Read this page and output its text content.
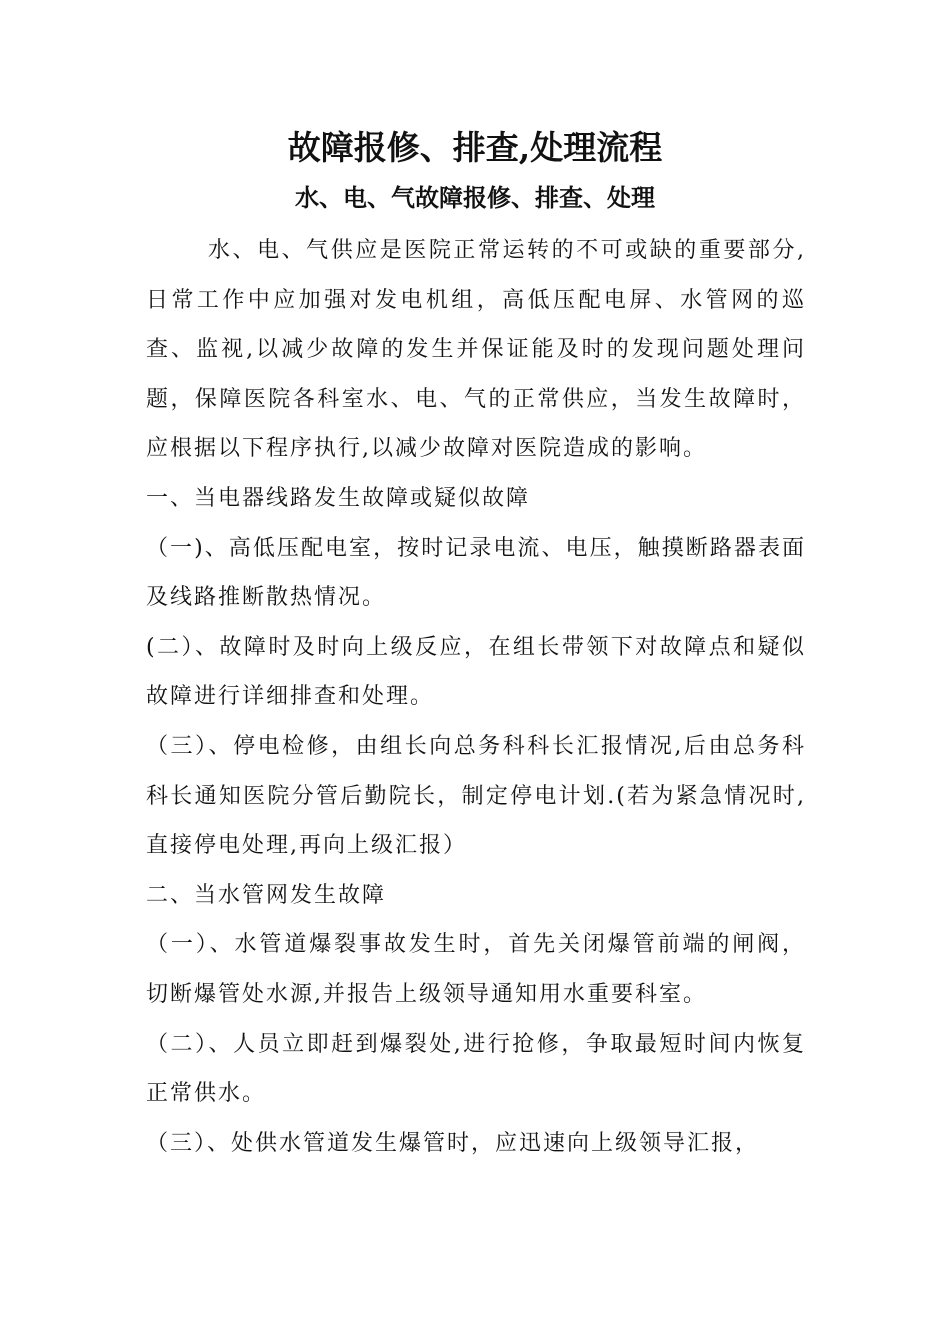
故障报修、排查,处理流程
水、电、气故障报修、排查、处理

水、电、气供应是医院正常运转的不可或缺的重要部分,日常工作中应加强对发电机组，高低压配电屏、水管网的巡查、监视,以减少故障的发生并保证能及时的发现问题处理问题，保障医院各科室水、电、气的正常供应，当发生故障时，应根据以下程序执行,以减少故障对医院造成的影响。

一、当电器线路发生故障或疑似故障

（一)、高低压配电室，按时记录电流、电压，触摸断路器表面及线路推断散热情况。

(二）、故障时及时向上级反应，在组长带领下对故障点和疑似故障进行详细排查和处理。

（三）、停电检修，由组长向总务科科长汇报情况,后由总务科科长通知医院分管后勤院长，制定停电计划.(若为紧急情况时,直接停电处理,再向上级汇报）

二、当水管网发生故障

（一）、水管道爆裂事故发生时，首先关闭爆管前端的闸阀，切断爆管处水源,并报告上级领导通知用水重要科室。

（二）、人员立即赶到爆裂处,进行抢修，争取最短时间内恢复正常供水。

（三）、处供水管道发生爆管时，应迅速向上级领导汇报，
